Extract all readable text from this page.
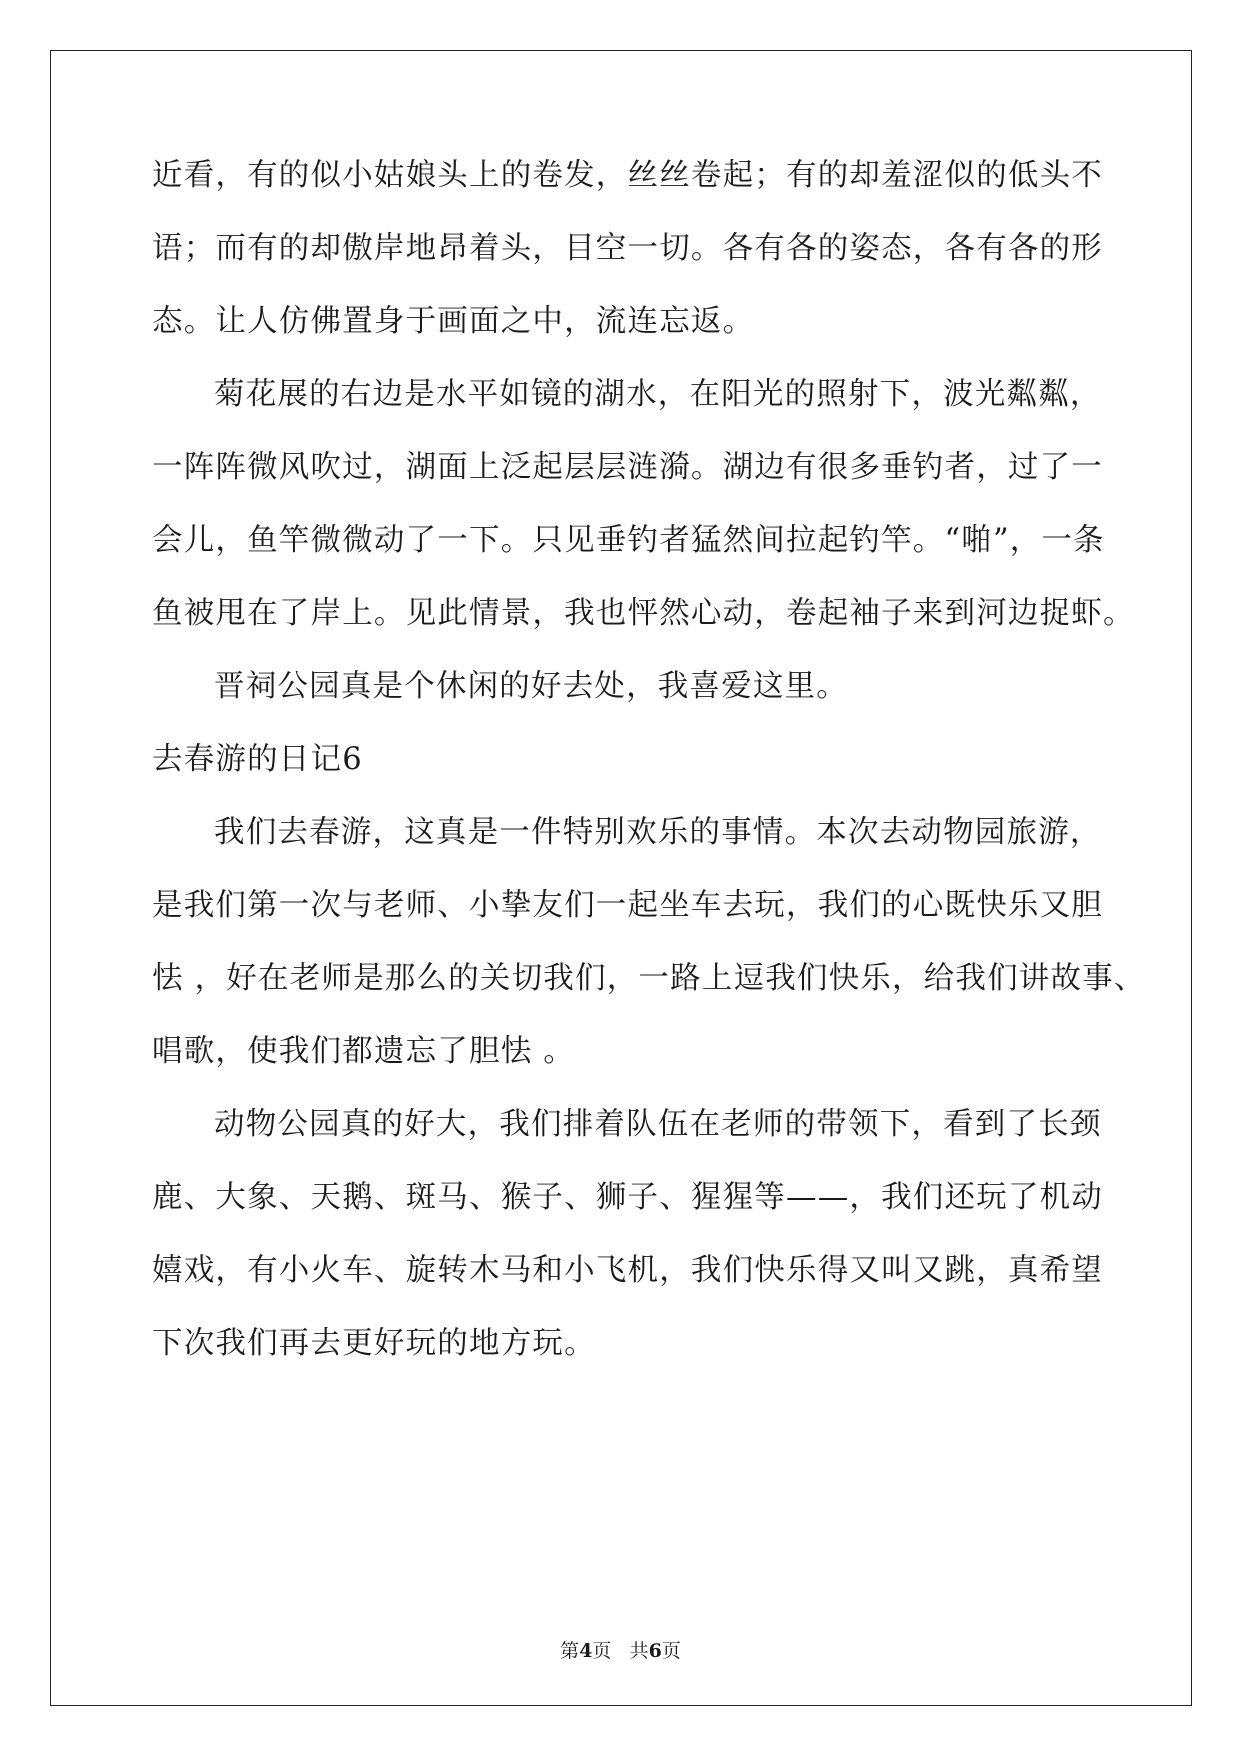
近看，有的似小姑娘头上的卷发，丝丝卷起；有的却羞涩似的低头不
语；而有的却傲岸地昂着头，目空一切。各有各的姿态，各有各的形
态。让人仿佛置身于画面之中，流连忘返。
菊花展的右边是水平如镜的湖水，在阳光的照射下，波光粼粼，
一阵阵微风吹过，湖面上泛起层层涟漪。湖边有很多垂钓者，过了一
会儿，鱼竿微微动了一下。只见垂钓者猛然间拉起钓竿。“啪”，一条
鱼被甩在了岸上。见此情景，我也怦然心动，卷起袖子来到河边捉虾。
晋祠公园真是个休闲的好去处，我喜爱这里。
去春游的日记6
我们去春游，这真是一件特别欢乐的事情。本次去动物园旅游，
是我们第一次与老师、小挚友们一起坐车去玩，我们的心既快乐又胆
怯 ，好在老师是那么的关切我们，一路上逗我们快乐，给我们讲故事、
唱歌，使我们都遗忘了胆怯 。
动物公园真的好大，我们排着队伍在老师的带领下，看到了长颈
鹿、大象、天鹅、斑马、猴子、狮子、猩猩等——，我们还玩了机动
嬉戏，有小火车、旋转木马和小飞机，我们快乐得又叫又跳，真希望
下次我们再去更好玩的地方玩。
第4页 共6页
